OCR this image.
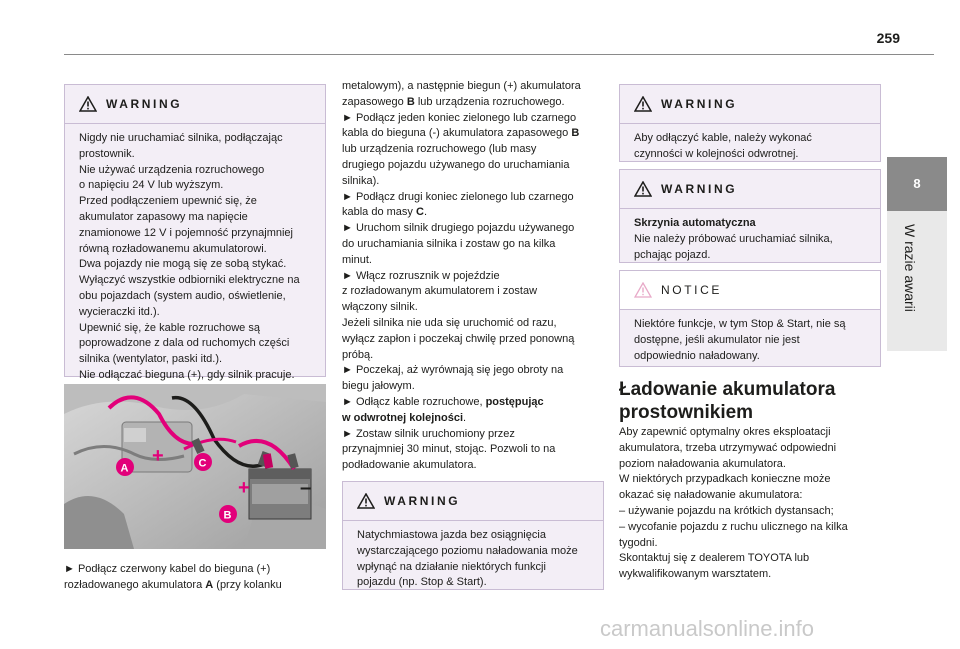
259
8
W razie awarii
WARNING
Nigdy nie uruchamiać silnika, podłączając
prostownik.
Nie używać urządzenia rozruchowego
o napięciu 24 V lub wyższym.
Przed podłączeniem upewnić się, że
akumulator zapasowy ma napięcie
znamionowe 12 V i pojemność przynajmniej
równą rozładowanemu akumulatorowi.
Dwa pojazdy nie mogą się ze sobą stykać.
Wyłączyć wszystkie odbiorniki elektryczne na
obu pojazdach (system audio, oświetlenie,
wycieraczki itd.).
Upewnić się, że kable rozruchowe są
poprowadzone z dala od ruchomych części
silnika (wentylator, paski itd.).
Nie odłączać bieguna (+), gdy silnik pracuje.
+
+	–
A
B
C
► Podłącz czerwony kabel do bieguna (+)
rozładowanego akumulatora A (przy kolanku
metalowym), a następnie biegun (+) akumulatora
zapasowego B lub urządzenia rozruchowego.
► Podłącz jeden koniec zielonego lub czarnego
kabla do bieguna (-) akumulatora zapasowego B
lub urządzenia rozruchowego (lub masy
drugiego pojazdu używanego do uruchamiania
silnika).
► Podłącz drugi koniec zielonego lub czarnego
kabla do masy C.
► Uruchom silnik drugiego pojazdu używanego
do uruchamiania silnika i zostaw go na kilka
minut.
► Włącz rozrusznik w pojeździe
z rozładowanym akumulatorem i zostaw
włączony silnik.
Jeżeli silnika nie uda się uruchomić od razu,
wyłącz zapłon i poczekaj chwilę przed ponowną
próbą.
► Poczekaj, aż wyrównają się jego obroty na
biegu jałowym.
► Odłącz kable rozruchowe, postępując
w odwrotnej kolejności.
► Zostaw silnik uruchomiony przez
przynajmniej 30 minut, stojąc. Pozwoli to na
podładowanie akumulatora.
WARNING
Natychmiastowa jazda bez osiągnięcia
wystarczającego poziomu naładowania może
wpłynąć na działanie niektórych funkcji
pojazdu (np. Stop & Start).
WARNING
Aby odłączyć kable, należy wykonać
czynności w kolejności odwrotnej.
WARNING
Skrzynia automatyczna
Nie należy próbować uruchamiać silnika,
pchając pojazd.
NOTICE
Niektóre funkcje, w tym Stop & Start, nie są
dostępne, jeśli akumulator nie jest
odpowiednio naładowany.
Ładowanie akumulatora
prostownikiem
Aby zapewnić optymalny okres eksploatacji
akumulatora, trzeba utrzymywać odpowiedni
poziom naładowania akumulatora.
W niektórych przypadkach konieczne może
okazać się naładowanie akumulatora:
– używanie pojazdu na krótkich dystansach;
– wycofanie pojazdu z ruchu ulicznego na kilka
tygodni.
Skontaktuj się z dealerem TOYOTA lub
wykwalifikowanym warsztatem.
carmanualsonline.info
